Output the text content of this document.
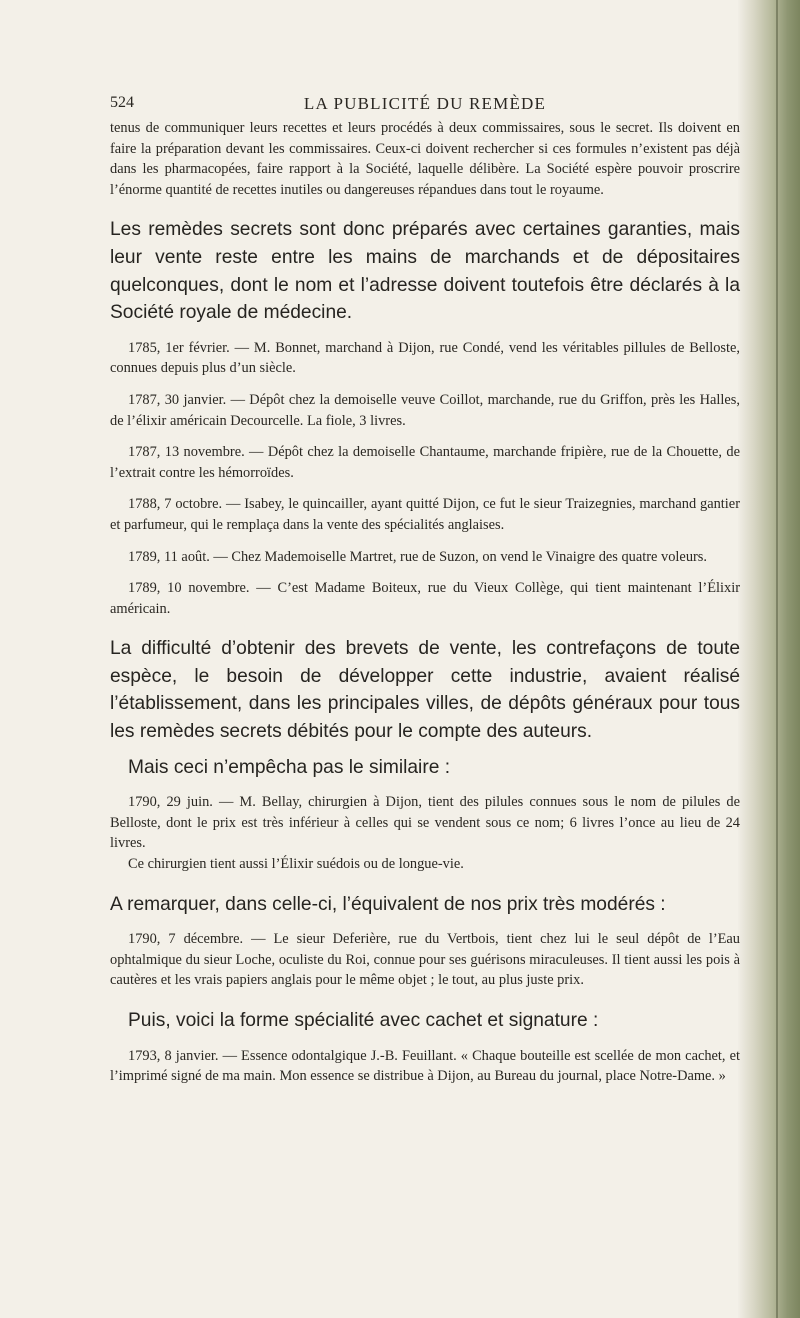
524	LA PUBLICITÉ DU REMÈDE

tenus de communiquer leurs recettes et leurs procédés à deux commissaires, sous le secret. Ils doivent en faire la préparation devant les commissaires. Ceux-ci doivent rechercher si ces formules n’existent pas déjà dans les pharmacopées, faire rapport à la Société, laquelle délibère. La Société espère pouvoir proscrire l’énorme quantité de recettes inutiles ou dangereuses répandues dans tout le royaume.

Les remèdes secrets sont donc préparés avec certaines garanties, mais leur vente reste entre les mains de marchands et de dépositaires quelconques, dont le nom et l’adresse doivent toutefois être déclarés à la Société royale de médecine.

1785, 1er février. — M. Bonnet, marchand à Dijon, rue Condé, vend les véritables pillules de Belloste, connues depuis plus d’un siècle.

1787, 30 janvier. — Dépôt chez la demoiselle veuve Coillot, marchande, rue du Griffon, près les Halles, de l’élixir américain Decourcelle. La fiole, 3 livres.

1787, 13 novembre. — Dépôt chez la demoiselle Chantaume, marchande fripière, rue de la Chouette, de l’extrait contre les hémorroïdes.

1788, 7 octobre. — Isabey, le quincailler, ayant quitté Dijon, ce fut le sieur Traizegnies, marchand gantier et parfumeur, qui le remplaça dans la vente des spécialités anglaises.

1789, 11 août. — Chez Mademoiselle Martret, rue de Suzon, on vend le Vinaigre des quatre voleurs.

1789, 10 novembre. — C’est Madame Boiteux, rue du Vieux Collège, qui tient maintenant l’Élixir américain.

La difficulté d’obtenir des brevets de vente, les contrefaçons de toute espèce, le besoin de développer cette industrie, avaient réalisé l’établissement, dans les principales villes, de dépôts généraux pour tous les remèdes secrets débités pour le compte des auteurs.

Mais ceci n’empêcha pas le similaire :

1790, 29 juin. — M. Bellay, chirurgien à Dijon, tient des pilules connues sous le nom de pilules de Belloste, dont le prix est très inférieur à celles qui se vendent sous ce nom; 6 livres l’once au lieu de 24 livres.

Ce chirurgien tient aussi l’Élixir suédois ou de longue-vie.

A remarquer, dans celle-ci, l’équivalent de nos prix très modérés :

1790, 7 décembre. — Le sieur Deferière, rue du Vertbois, tient chez lui le seul dépôt de l’Eau ophtalmique du sieur Loche, oculiste du Roi, connue pour ses guérisons miraculeuses. Il tient aussi les pois à cautères et les vrais papiers anglais pour le même objet ; le tout, au plus juste prix.

Puis, voici la forme spécialité avec cachet et signature :

1793, 8 janvier. — Essence odontalgique J.-B. Feuillant. « Chaque bouteille est scellée de mon cachet, et l’imprimé signé de ma main. Mon essence se distribue à Dijon, au Bureau du journal, place Notre-Dame. »
